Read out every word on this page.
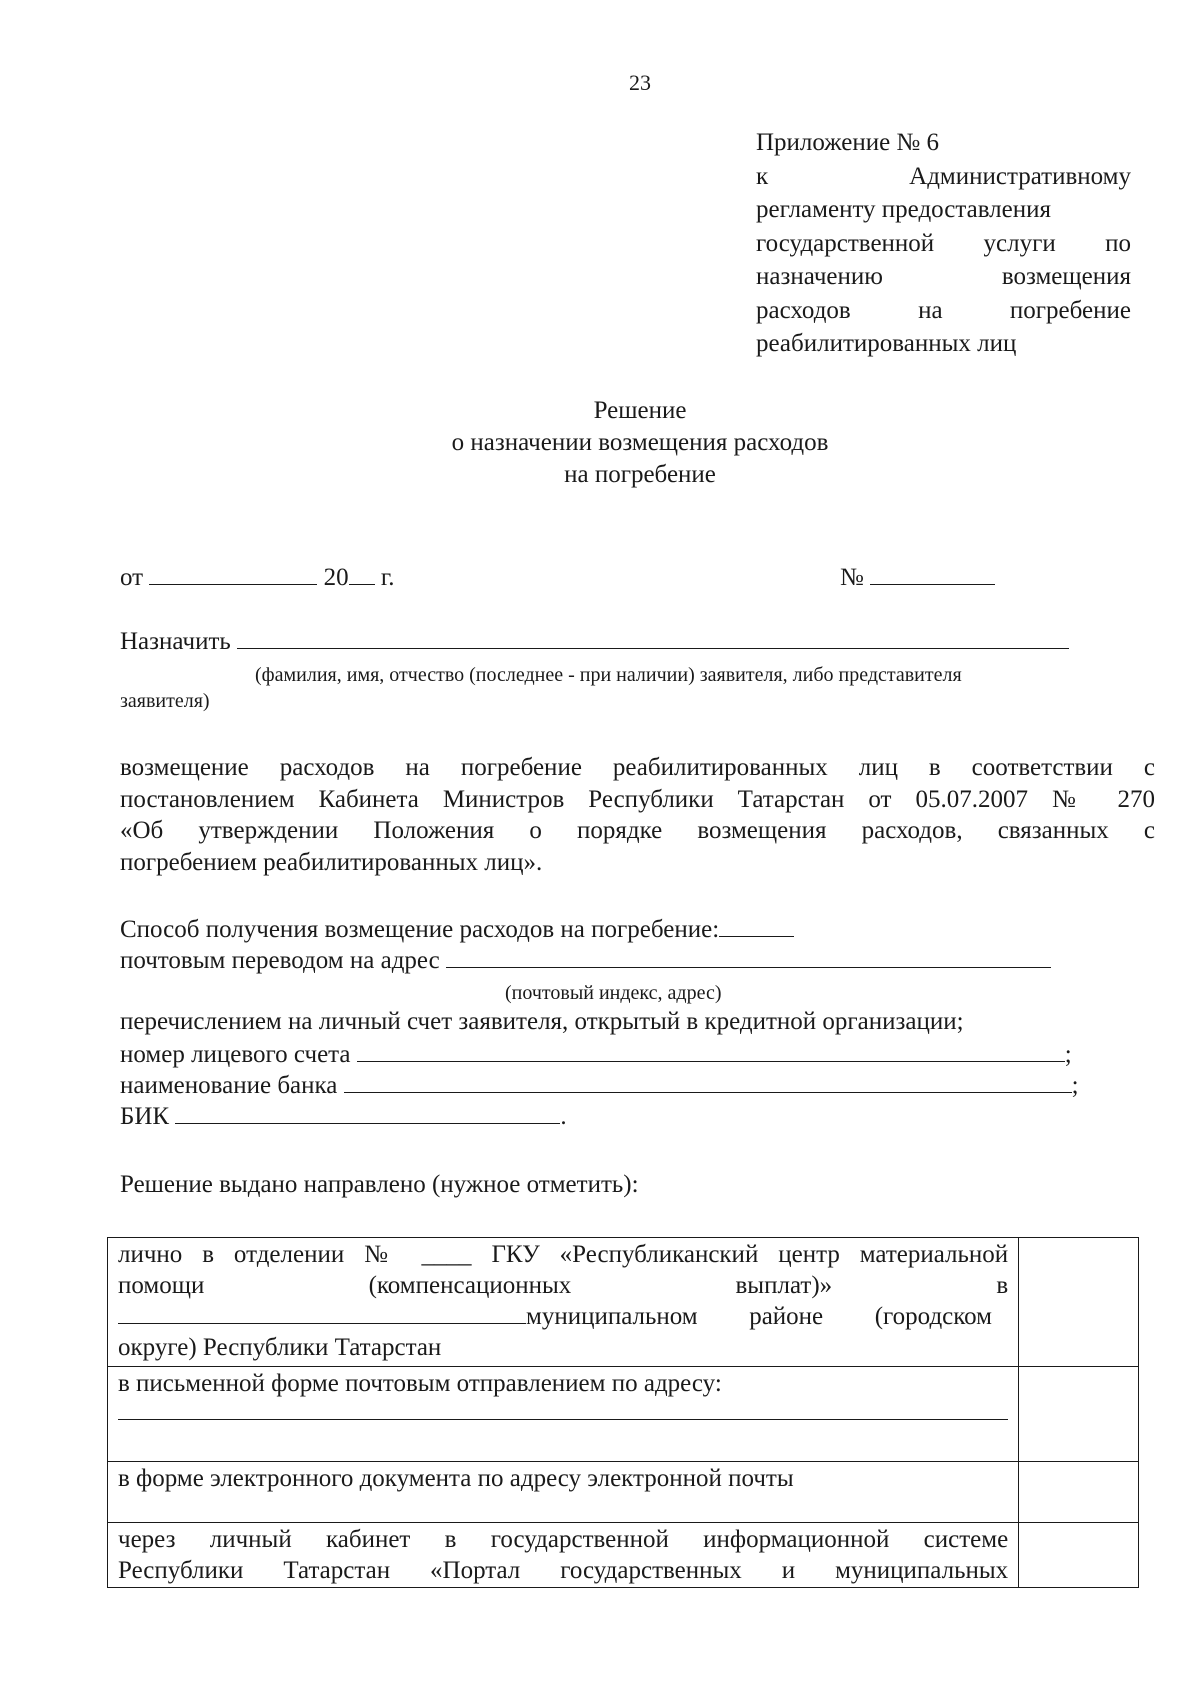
23
Приложение № 6
к Административному
регламенту предоставления
государственной услуги по
назначению возмещения
расходов на погребение
реабилитированных лиц
Решение
о назначении возмещения расходов
на погребение
от	20 г.	№
Назначить
(фамилия, имя, отчество (последнее - при наличии) заявителя, либо представителя
заявителя)
возмещение расходов на погребение реабилитированных лиц в соответствии с
постановлением Кабинета Министров Республики Татарстан от 05.07.2007 № 270
«Об утверждении Положения о порядке возмещения расходов, связанных с
погребением реабилитированных лиц».
Способ получения возмещение расходов на погребение:
почтовым переводом на адрес
(почтовый индекс, адрес)
перечислением на личный счет заявителя, открытый в кредитной организации;
номер лицевого счета	;
наименование банка	;
БИК	.
Решение выдано направлено (нужное отметить):
лично в отделении № ____ ГКУ «Республиканский центр материальной
помощи (компенсационных выплат)» в
муниципальном районе (городском
округе) Республики Татарстан	

в письменной форме почтовым отправлением по адресу:	

в форме электронного документа по адресу электронной почты	

через личный кабинет в государственной информационной системе
Республики Татарстан «Портал государственных и муниципальных	
